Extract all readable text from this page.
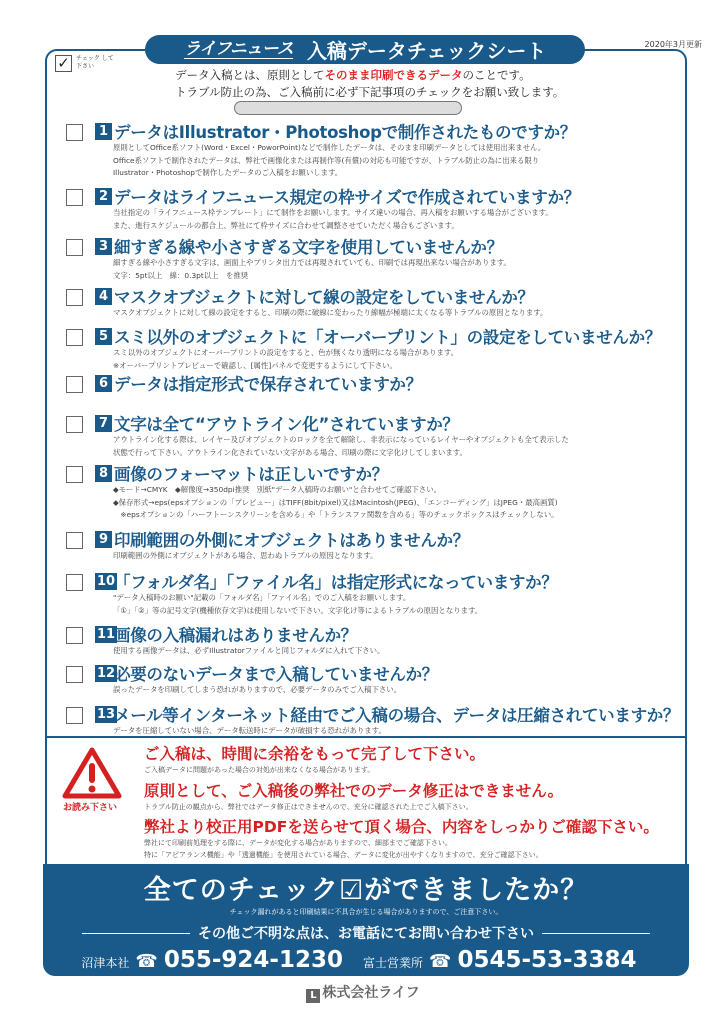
ライフニュース 入稿データチェックシート	2020年3月更新
✓	チェック して下さい
データ入稿とは、原則としてそのまま印刷できるデータのことです。
トラブル防止の為、ご入稿前に必ず下記事項のチェックをお願い致します。
1 データはIllustrator・Photoshopで制作されたものですか？
原則としてOffice系ソフト(Word・Excel・PoworPoint)などで制作したデータは、そのまま印刷データとしては使用出来ません。
Office系ソフトで制作されたデータは、弊社で画像化または再制作等(有償)の対応も可能ですが、トラブル防止の為に出来る限り
Illustrator・Photoshopで制作したデータのご入稿をお願いします。
2 データはライフニュース規定の枠サイズで作成されていますか？
当社指定の「ライフニュース枠テンプレート」にて制作をお願いします。サイズ違いの場合、再入稿をお願いする場合がございます。
また、進行スケジュールの都合上、弊社にて枠サイズに合わせて調整させていただく場合もございます。
3 細すぎる線や小さすぎる文字を使用していませんか？
細すぎる線や小さすぎる文字は、画面上やプリンタ出力では再現されていても、印刷では再現出来ない場合があります。
文字：5pt以上　線：0.3pt以上　を推奨
4 マスクオブジェクトに対して線の設定をしていませんか？
マスクオブジェクトに対して線の設定をすると、印刷の際に破線に変わったり線幅が極端に太くなる等トラブルの原因となります。
5 スミ以外のオブジェクトに「オーバープリント」の設定をしていませんか？
スミ以外のオブジェクトにオーバープリントの設定をすると、色が無くなり透明になる場合があります。
※オーバープリントプレビューで確認し、[属性]パネルで変更するようにして下さい。
6 データは指定形式で保存されていますか？
7 文字は全て“アウトライン化”されていますか？
アウトライン化する際は、レイヤー及びオブジェクトのロックを全て解除し、非表示になっているレイヤーやオブジェクトも全て表示した
状態で行って下さい。アウトライン化されていない文字がある場合、印刷の際に文字化けしてしまいます。
8 画像のフォーマットは正しいですか？
◆モード→CMYK　◆解像度→350dpi推奨　別紙"データ入稿時のお願い"と合わせてご確認下さい。
◆保存形式→eps(epsオプションの「プレビュー」はTIFF(8bit/pixel)又はMacintosh(JPEG)、「エンコーディング」はJPEG・最高画質)
　※epsオプションの「ハーフトーンスクリーンを含める」や「トランスファ関数を含める」等のチェックボックスはチェックしない。
9 印刷範囲の外側にオブジェクトはありませんか？
印刷範囲の外側にオブジェクトがある場合、思わぬトラブルの原因となります。
10
「フォルダ名」「ファイル名」は指定形式になっていますか？
"データ入稿時のお願い"記載の「フォルダ名」「ファイル名」でのご入稿をお願いします。
「①」「②」等の記号文字(機種依存文字)は使用しないで下さい。文字化け等によるトラブルの原因となります。
11
画像の入稿漏れはありませんか？
使用する画像データは、必ずIllustratorファイルと同じフォルダに入れて下さい。
12
必要のないデータまで入稿していませんか？
誤ったデータを印刷してしまう恐れがありますので、必要データのみでご入稿下さい。
13
メール等インターネット経由でご入稿の場合、データは圧縮されていますか？
データを圧縮していない場合、データ転送時にデータが破損する恐れがあります。
お読み下さい
ご入稿は、時間に余裕をもって完了して下さい。
ご入稿データに問題があった場合の対処が出来なくなる場合があります。
原則として、ご入稿後の弊社でのデータ修正はできません。
トラブル防止の観点から、弊社ではデータ修正はできませんので、充分に確認された上でご入稿下さい。
弊社より校正用PDFを送らせて頂く場合、内容をしっかりご確認下さい。
弊社にて印刷前処理をする際に、データが変化する場合がありますので、細部までご確認下さい。
特に「アピアランス機能」や「透過機能」を使用されている場合、データに変化が出やすくなりますので、充分ご確認下さい。
全てのチェック☑ができましたか？
チェック漏れがあると印刷結果に不具合が生じる場合がありますので、ご注意下さい。
その他ご不明な点は、お電話にてお問い合わせ下さい
沼津本社 ☎ 055-924-1230 富士営業所 ☎ 0545-53-3384
L 株式会社ライフ
